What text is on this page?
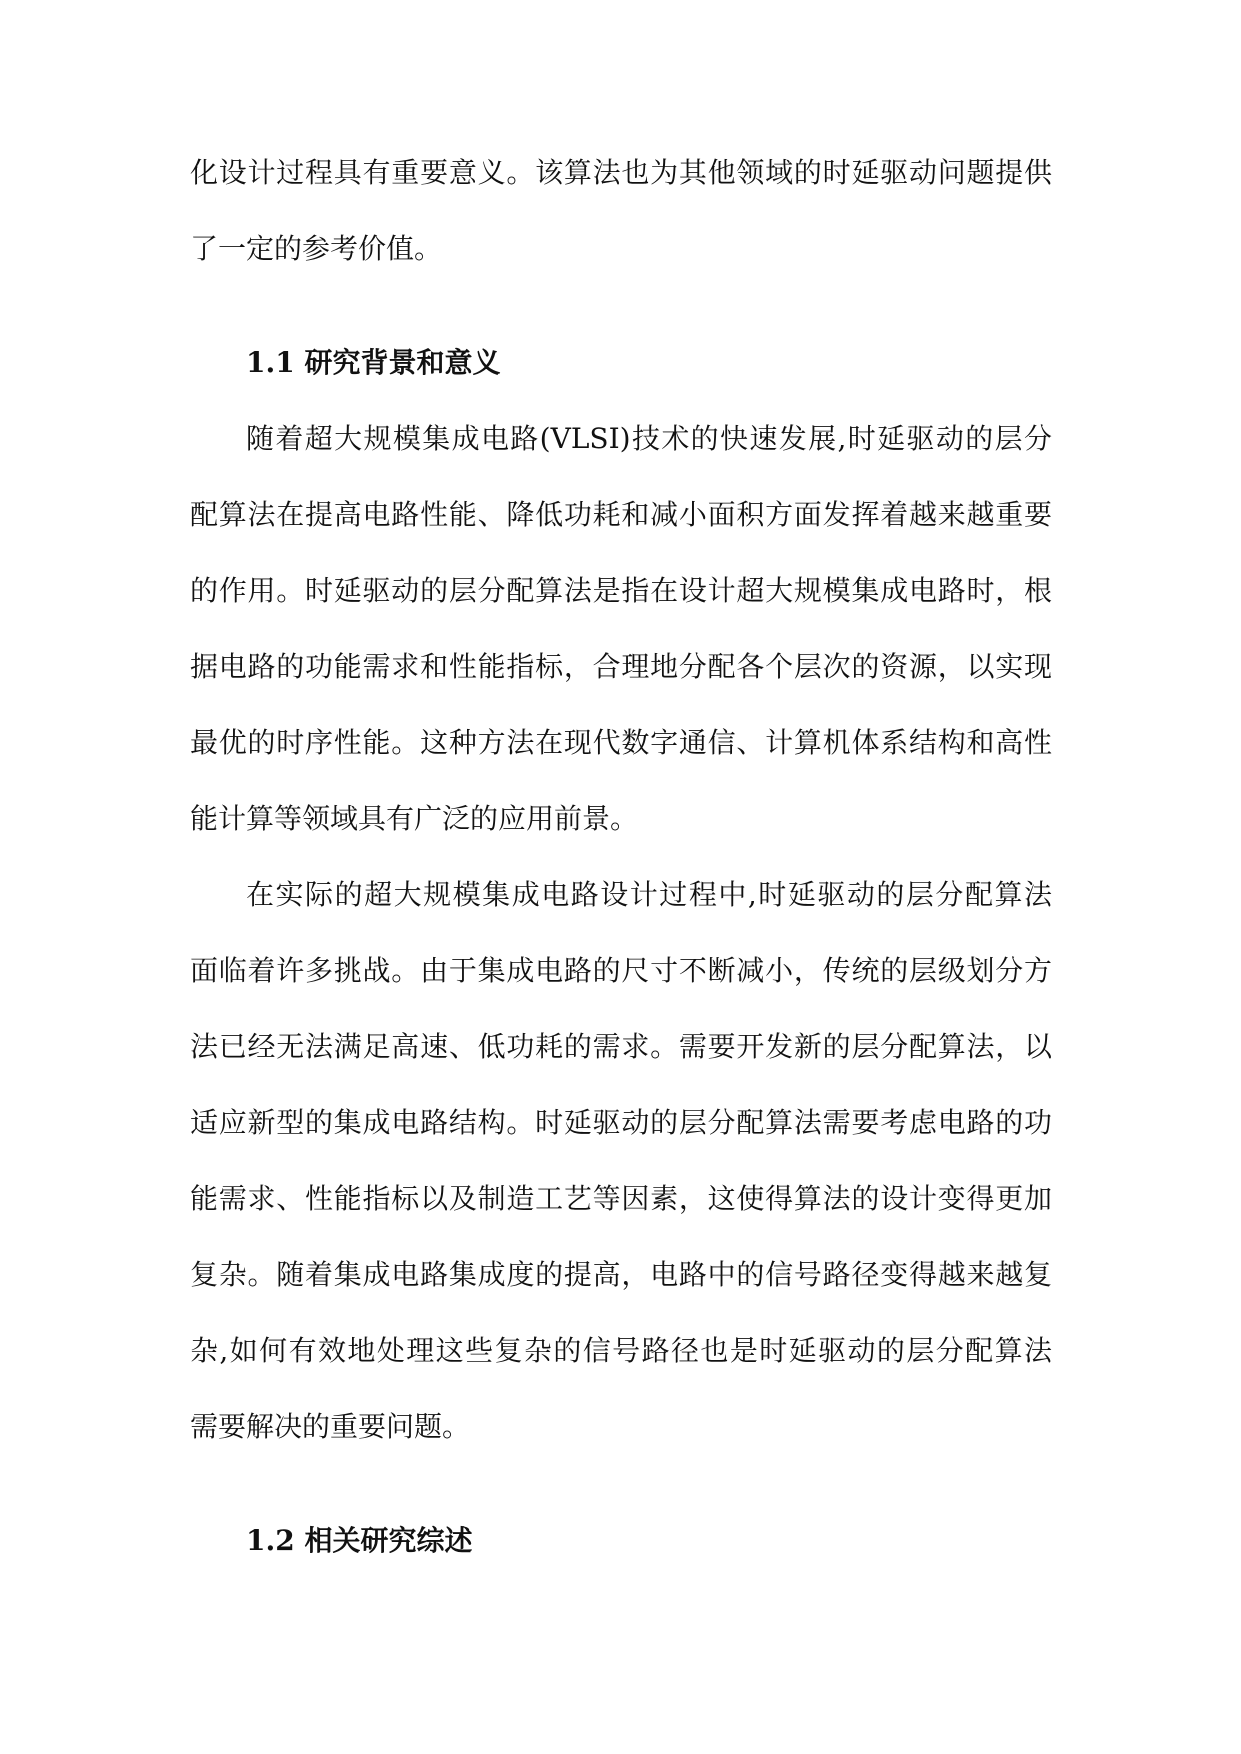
化设计过程具有重要意义。该算法也为其他领域的时延驱动问题提供
了一定的参考价值。
1.1 研究背景和意义
随着超大规模集成电路(VLSI)技术的快速发展,时延驱动的层分
配算法在提高电路性能、降低功耗和减小面积方面发挥着越来越重要
的作用。时延驱动的层分配算法是指在设计超大规模集成电路时，根
据电路的功能需求和性能指标，合理地分配各个层次的资源，以实现
最优的时序性能。这种方法在现代数字通信、计算机体系结构和高性
能计算等领域具有广泛的应用前景。
在实际的超大规模集成电路设计过程中,时延驱动的层分配算法
面临着许多挑战。由于集成电路的尺寸不断减小，传统的层级划分方
法已经无法满足高速、低功耗的需求。需要开发新的层分配算法，以
适应新型的集成电路结构。时延驱动的层分配算法需要考虑电路的功
能需求、性能指标以及制造工艺等因素，这使得算法的设计变得更加
复杂。随着集成电路集成度的提高，电路中的信号路径变得越来越复
杂,如何有效地处理这些复杂的信号路径也是时延驱动的层分配算法
需要解决的重要问题。
1.2 相关研究综述
